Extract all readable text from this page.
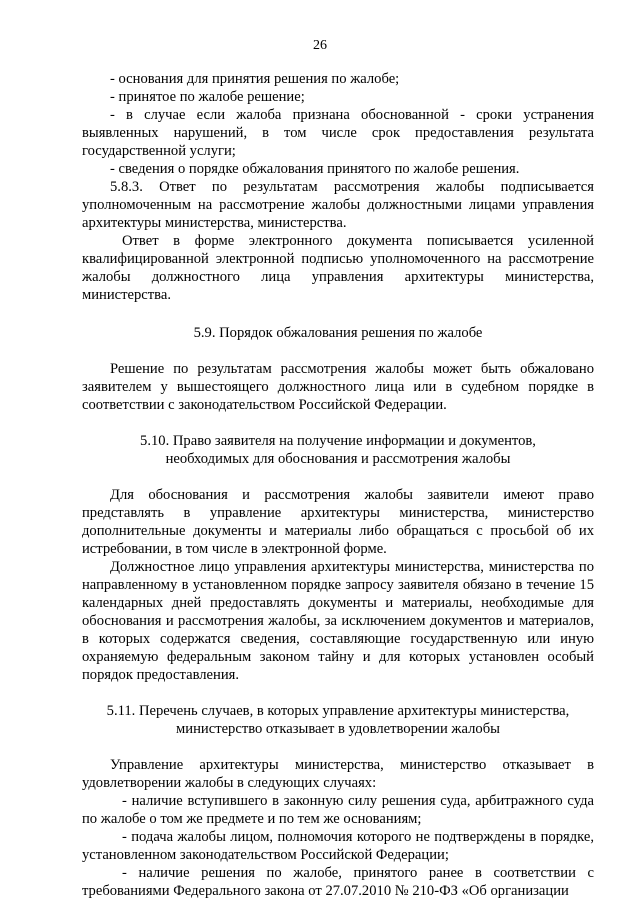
26

- основания для принятия решения по жалобе;

- принятое по жалобе решение;

- в случае если жалоба признана обоснованной - сроки устранения выявленных нарушений, в том числе срок предоставления результата государственной услуги;

- сведения о порядке обжалования принятого по жалобе решения.

5.8.3. Ответ по результатам рассмотрения жалобы подписывается уполномоченным на рассмотрение жалобы должностными лицами управления архитектуры министерства, министерства.

Ответ в форме электронного документа пописывается усиленной квалифицированной электронной подписью уполномоченного на рассмотрение жалобы должностного лица управления архитектуры министерства, министерства.

5.9. Порядок обжалования решения по жалобе

Решение по результатам рассмотрения жалобы может быть обжаловано заявителем у вышестоящего должностного лица или в судебном порядке в соответствии с законодательством Российской Федерации.

5.10. Право заявителя на получение информации и документов,

необходимых для обоснования и рассмотрения жалобы

Для обоснования и рассмотрения жалобы заявители имеют право представлять в управление архитектуры министерства, министерство дополнительные документы и материалы либо обращаться с просьбой об их истребовании, в том числе в электронной форме.

Должностное лицо управления архитектуры министерства, министерства по направленному в установленном порядке запросу заявителя обязано в течение 15 календарных дней предоставлять документы и материалы, необходимые для обоснования и рассмотрения жалобы, за исключением документов и материалов, в которых содержатся сведения, составляющие государственную или иную охраняемую федеральным законом тайну и для которых установлен особый порядок предоставления.

5.11. Перечень случаев, в которых управление архитектуры министерства,

министерство отказывает в удовлетворении жалобы

Управление архитектуры министерства, министерство отказывает в удовлетворении жалобы в следующих случаях:

- наличие вступившего в законную силу решения суда, арбитражного суда по жалобе о том же предмете и по тем же основаниям;

- подача жалобы лицом, полномочия которого не подтверждены в порядке, установленном законодательством Российской Федерации;

- наличие решения по жалобе, принятого ранее в соответствии с требованиями Федерального закона от 27.07.2010 № 210-ФЗ «Об организации
